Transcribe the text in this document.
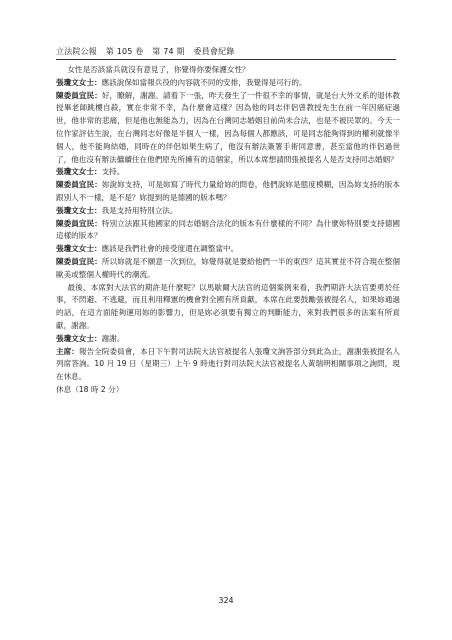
立法院公報 第 105 卷 第 74 期 委員會紀錄

女性是否該當兵就沒有意見了，你覺得你要保護女性？

張瓊文女士：應該說保如當報兵役的內容就不同的安排，我覺得是可行的。

陳委員宜民：好，瞭解，謝謝。請看下一張，昨天發生了一件很不幸的事情，就是台大外文系的退休教授畢老師跳樓自殺，實在非常不幸，為什麼會這樣？因為他的同志伴侶曾教授先生在前一年因癌症過世，他非常的悲痛，但是他也無能為力，因為在台灣同志婚姻目前尚未合法，也是不被民眾的。今天一位作家評估生說，在台灣同志好像是半個人一樣，因為每個人都應該，可是同志能夠得到的權利就像半個人，他不能夠結婚，同時在的伴侶如果生病了，他沒有辦法簽署手術同意書，甚至當他的伴侶過世了，他也沒有辦法繼續住在他們原先所擁有的這個家，所以本席想請問張被提名人是否支持同志婚姻？

張瓊文女士：支持。

陳委員宜民：妳說妳支持，可是妳寫了時代力量給妳的問卷，他們說妳是態度模糊，因為妳支持的版本跟別人不一樣，是不是？妳提到的是德國的版本嗎？

張瓊文女士：我是支持用特別立法。

陳委員宜民：特別立法跟其他國家的同志婚姻合法化的版本有什麼樣的不同？為什麼妳特別要支持德國這樣的版本？

張瓊文女士：應該是我們社會的接受度還在調整當中。

陳委員宜民：所以妳就是不願意一次到位，妳覺得就是要給他們一半的東西？這其實並不符合現在整個歐美或整個人權時代的潮流。

最後，本席對大法官的期許是什麼呢？以馬歇爾大法官的這個案例來看，我們期許大法官要勇於任事，不閃避、不逃避，而且利用釋憲的機會對全國有所貢獻，本席在此要鼓勵張被提名人，如果妳通過的話，在這方面能夠運用妳的影響力，但是妳必須要有獨立的判斷能力，來對我們很多的法案有所貢獻，謝謝。

張瓊文女士：謝謝。

主席：報告全院委員會，本日下午對司法院大法官被提名人張瓊文詢答部分到此為止，謝謝張被提名人列席答詢。10 月 19 日（星期三）上午 9 時進行對司法院大法官被提名人黃瑞明相關事項之詢問，現在休息。

休息（18 時 2 分）

324
